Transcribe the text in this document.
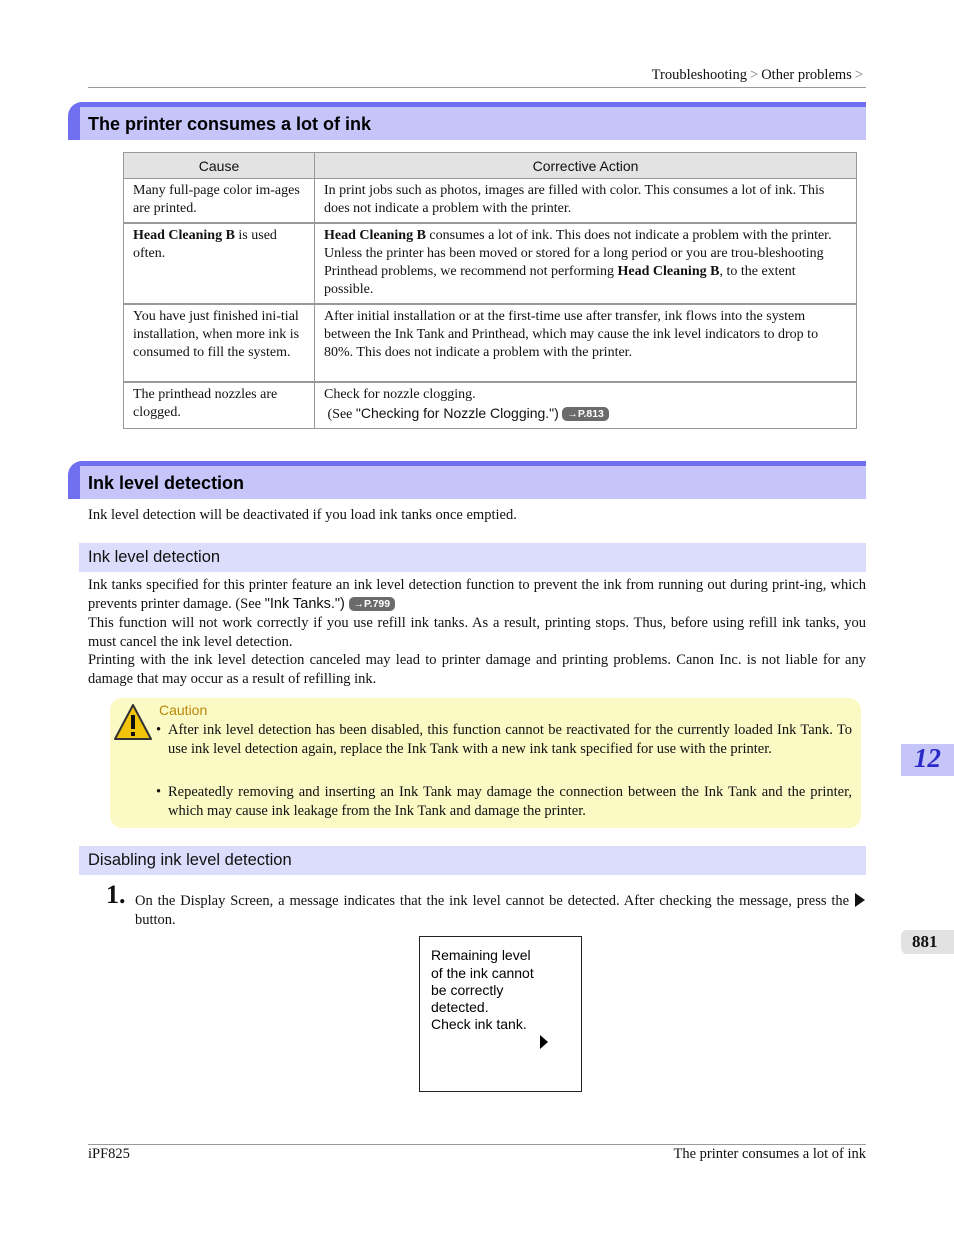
Troubleshooting > Other problems >
The printer consumes a lot of ink
Cause	Corrective Action
Many full-page color im-ages are printed.	In print jobs such as photos, images are filled with color. This consumes a lot of ink. This does not indicate a problem with the printer.
Head Cleaning B is used often.	Head Cleaning B consumes a lot of ink. This does not indicate a problem with the printer. Unless the printer has been moved or stored for a long period or you are trou-bleshooting Printhead problems, we recommend not performing Head Cleaning B, to the extent possible.
You have just finished ini-tial installation, when more ink is consumed to fill the system.	After initial installation or at the first-time use after transfer, ink flows into the system between the Ink Tank and Printhead, which may cause the ink level indicators to drop to 80%. This does not indicate a problem with the printer.
The printhead nozzles are clogged.	Check for nozzle clogging.
(See "Checking for Nozzle Clogging.") →P.813
Ink level detection
Ink level detection will be deactivated if you load ink tanks once emptied.
Ink level detection
Ink tanks specified for this printer feature an ink level detection function to prevent the ink from running out during print-ing, which prevents printer damage. (See "Ink Tanks.") →P.799
This function will not work correctly if you use refill ink tanks. As a result, printing stops. Thus, before using refill ink tanks, you must cancel the ink level detection.
Printing with the ink level detection canceled may lead to printer damage and printing problems. Canon Inc. is not liable for any damage that may occur as a result of refilling ink.
Caution
• After ink level detection has been disabled, this function cannot be reactivated for the currently loaded Ink Tank. To use ink level detection again, replace the Ink Tank with a new ink tank specified for use with the printer.
• Repeatedly removing and inserting an Ink Tank may damage the connection between the Ink Tank and the printer, which may cause ink leakage from the Ink Tank and damage the printer.
Disabling ink level detection
1. On the Display Screen, a message indicates that the ink level cannot be detected. After checking the message, press the  button.
Remaining level
of the ink cannot
be correctly
detected.
Check ink tank.
12
881
iPF825	The printer consumes a lot of ink
